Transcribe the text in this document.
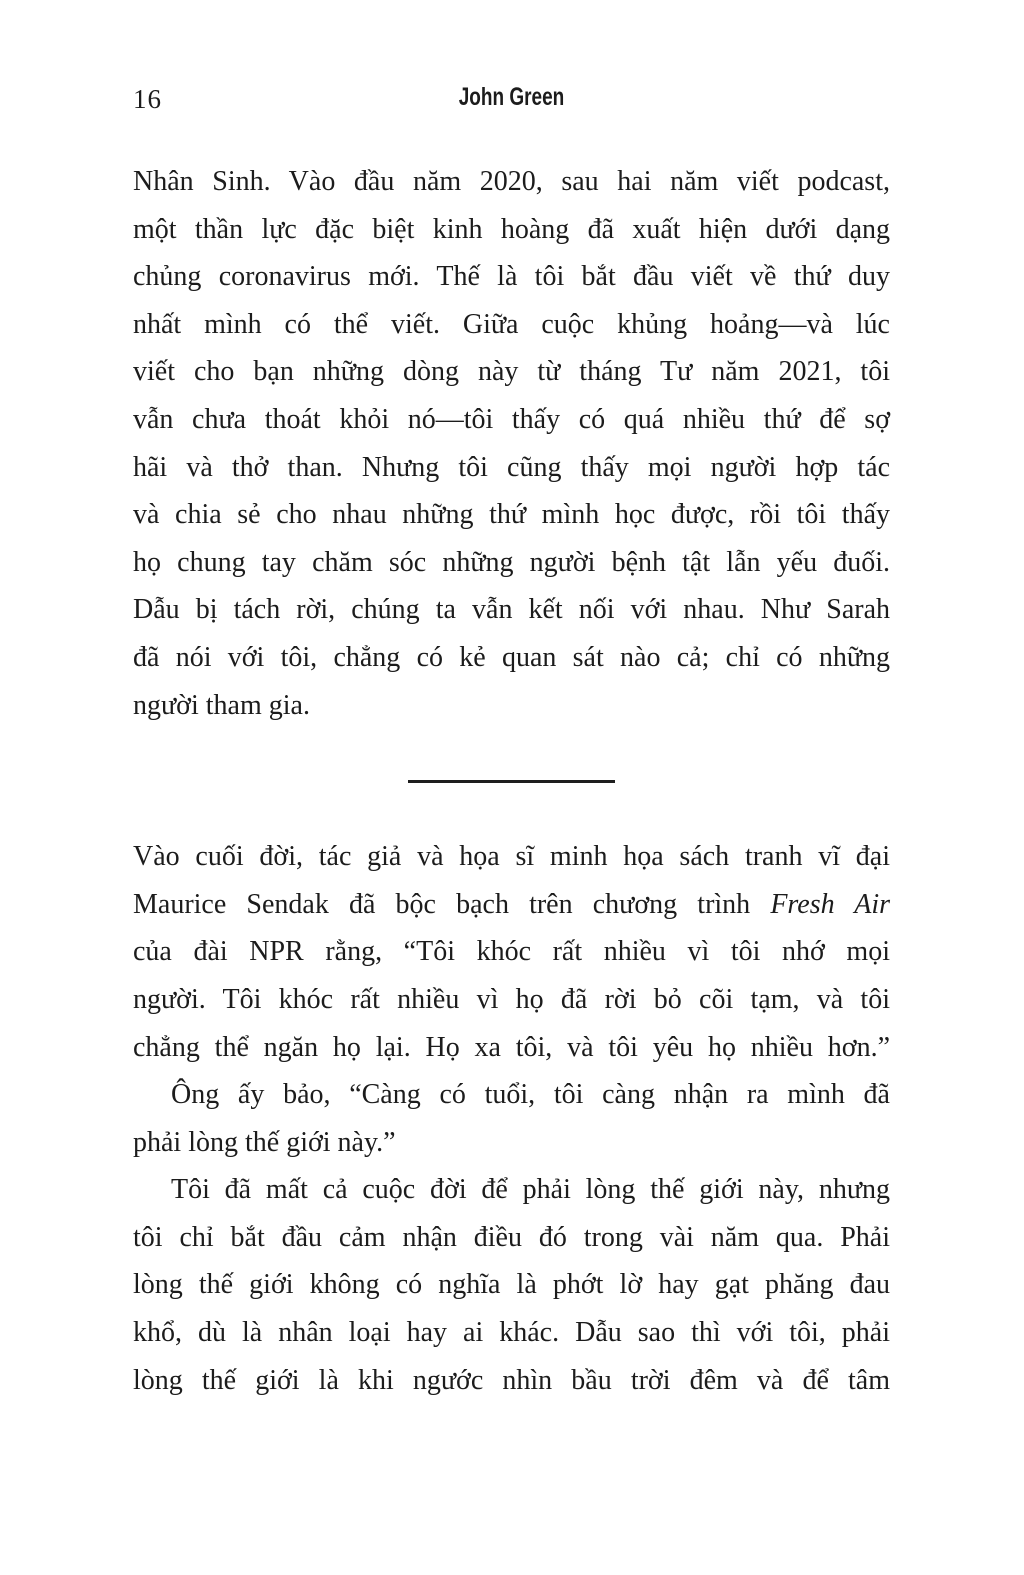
16	John Green
Nhân Sinh. Vào đầu năm 2020, sau hai năm viết podcast,
một thần lực đặc biệt kinh hoàng đã xuất hiện dưới dạng
chủng coronavirus mới. Thế là tôi bắt đầu viết về thứ duy
nhất mình có thể viết. Giữa cuộc khủng hoảng—và lúc
viết cho bạn những dòng này từ tháng Tư năm 2021, tôi
vẫn chưa thoát khỏi nó—tôi thấy có quá nhiều thứ để sợ
hãi và thở than. Nhưng tôi cũng thấy mọi người hợp tác
và chia sẻ cho nhau những thứ mình học được, rồi tôi thấy
họ chung tay chăm sóc những người bệnh tật lẫn yếu đuối.
Dẫu bị tách rời, chúng ta vẫn kết nối với nhau. Như Sarah
đã nói với tôi, chẳng có kẻ quan sát nào cả; chỉ có những
người tham gia.
Vào cuối đời, tác giả và họa sĩ minh họa sách tranh vĩ đại
Maurice Sendak đã bộc bạch trên chương trình Fresh Air
của đài NPR rằng, “Tôi khóc rất nhiều vì tôi nhớ mọi
người. Tôi khóc rất nhiều vì họ đã rời bỏ cõi tạm, và tôi
chẳng thể ngăn họ lại. Họ xa tôi, và tôi yêu họ nhiều hơn.”
Ông ấy bảo, “Càng có tuổi, tôi càng nhận ra mình đã
phải lòng thế giới này.”
Tôi đã mất cả cuộc đời để phải lòng thế giới này, nhưng
tôi chỉ bắt đầu cảm nhận điều đó trong vài năm qua. Phải
lòng thế giới không có nghĩa là phớt lờ hay gạt phăng đau
khổ, dù là nhân loại hay ai khác. Dẫu sao thì với tôi, phải
lòng thế giới là khi ngước nhìn bầu trời đêm và để tâm
